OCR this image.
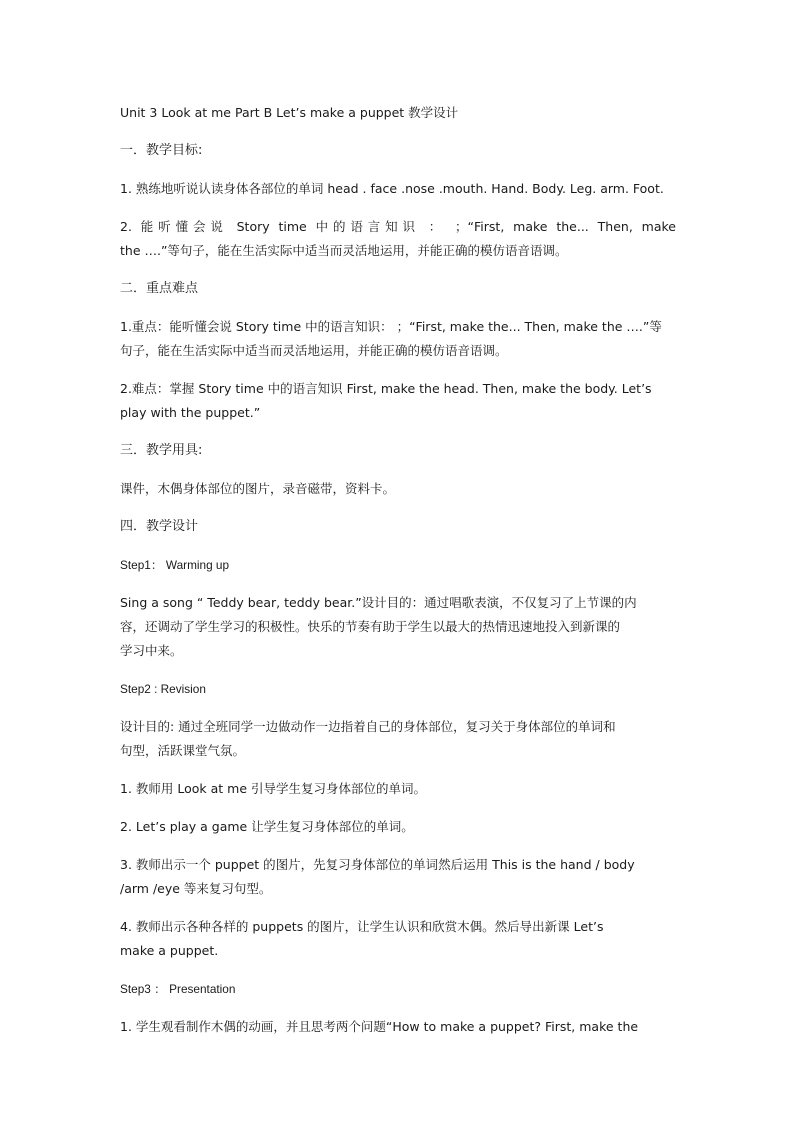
Unit 3 Look at me Part B Let’s make a puppet 教学设计

一．教学目标:

1. 熟练地听说认读身体各部位的单词 head . face .nose .mouth. Hand. Body. Leg. arm. Foot.

2. 能听懂会说 Story time 中的语言知识 ： ；“First, make the... Then, make

the ….”等句子，能在生活实际中适当而灵活地运用，并能正确的模仿语音语调。

二．重点难点

1.重点：能听懂会说 Story time 中的语言知识： ；“First, make the... Then, make the ….”等

句子，能在生活实际中适当而灵活地运用，并能正确的模仿语音语调。

2.难点：掌握 Story time 中的语言知识 First, make the head. Then, make the body. Let’s

play with the puppet.”

三．教学用具:

课件，木偶身体部位的图片，录音磁带，资料卡。

四．教学设计

Step1： Warming up

Sing a song “ Teddy bear, teddy bear.”设计目的：通过唱歌表演，不仅复习了上节课的内

容，还调动了学生学习的积极性。快乐的节奏有助于学生以最大的热情迅速地投入到新课的

学习中来。

Step2 : Revision

设计目的: 通过全班同学一边做动作一边指着自己的身体部位，复习关于身体部位的单词和

句型，活跃课堂气氛。

1. 教师用 Look at me 引导学生复习身体部位的单词。

2. Let’s play a game 让学生复习身体部位的单词。

3. 教师出示一个 puppet 的图片，先复习身体部位的单词然后运用 This is the hand / body

/arm /eye 等来复习句型。

4. 教师出示各种各样的 puppets 的图片，让学生认识和欣赏木偶。然后导出新课 Let’s

make a puppet.

Step3 ： Presentation

1. 学生观看制作木偶的动画，并且思考两个问题“How to make a puppet? First, make the
